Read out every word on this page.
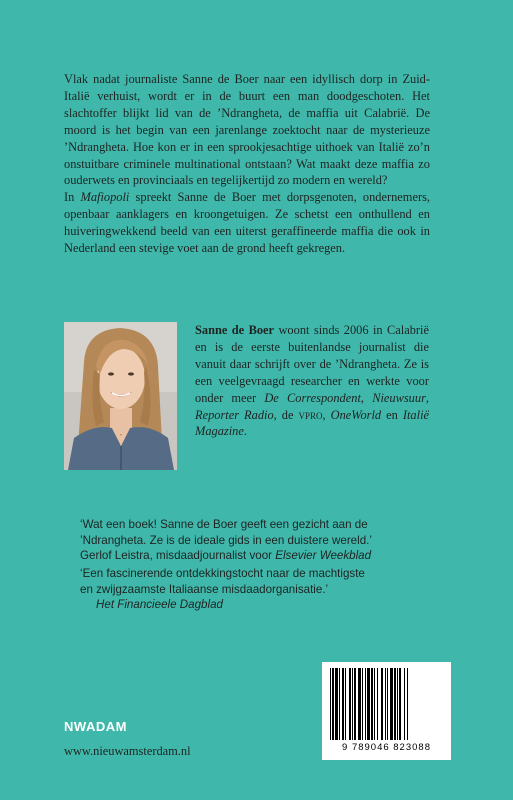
Vlak nadat journaliste Sanne de Boer naar een idyllisch dorp in Zuid-Italië verhuist, wordt er in de buurt een man doodgeschoten. Het slachtoffer blijkt lid van de ’Ndrangheta, de maffia uit Calabrië. De moord is het begin van een jarenlange zoektocht naar de mysterieuze ’Ndrangheta. Hoe kon er in een sprookjesachtige uithoek van Italië zo’n onstuitbare criminele multinational ontstaan? Wat maakt deze maffia zo ouderwets en provinciaals en tegelijkertijd zo modern en wereld?

In Mafiopoli spreekt Sanne de Boer met dorpsgenoten, ondernemers, openbaar aanklagers en kroongetuigen. Ze schetst een onthullend en huiveringwekkend beeld van een uiterst geraffineerde maffia die ook in Nederland een stevige voet aan de grond heeft gekregen.

Sanne de Boer woont sinds 2006 in Calabrië en is de eerste buitenlandse journalist die vanuit daar schrijft over de ’Ndrangheta. Ze is een veelgevraagd researcher en werkte voor onder meer De Correspondent, Nieuwsuur, Reporter Radio, de vpro, OneWorld en Italië Magazine.
‘Wat een boek! Sanne de Boer geeft een gezicht aan de
’Ndrangheta. Ze is de ideale gids in een duistere wereld.’
Gerlof Leistra, misdaadjournalist voor Elsevier Weekblad
‘Een fascinerende ontdekkingstocht naar de machtigste
en zwijgzaamste Italiaanse misdaadorganisatie.’
Het Financieele Dagblad
9 789046 823088
NWADAM
www.nieuwamsterdam.nl
